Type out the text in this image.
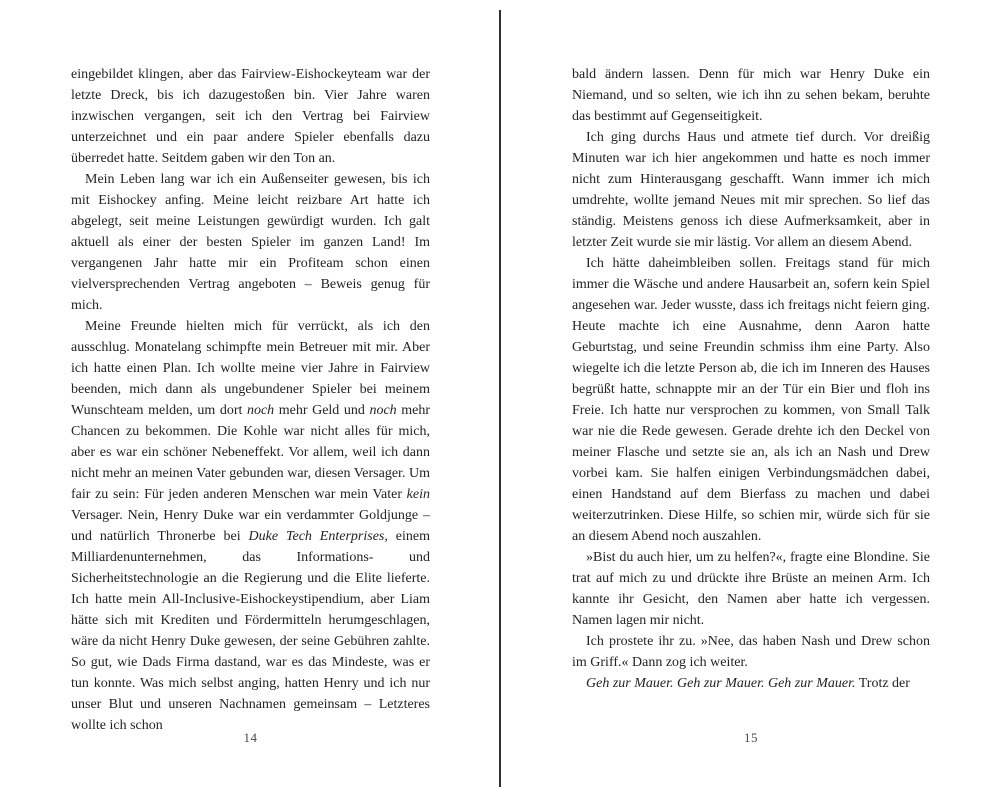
eingebildet klingen, aber das Fairview-Eishockeyteam war der letzte Dreck, bis ich dazugestoßen bin. Vier Jahre waren inzwischen vergangen, seit ich den Vertrag bei Fairview unterzeichnet und ein paar andere Spieler ebenfalls dazu überredet hatte. Seitdem gaben wir den Ton an.

Mein Leben lang war ich ein Außenseiter gewesen, bis ich mit Eishockey anfing. Meine leicht reizbare Art hatte ich abgelegt, seit meine Leistungen gewürdigt wurden. Ich galt aktuell als einer der besten Spieler im ganzen Land! Im vergangenen Jahr hatte mir ein Profiteam schon einen vielversprechenden Vertrag angeboten – Beweis genug für mich.

Meine Freunde hielten mich für verrückt, als ich den ausschlug. Monatelang schimpfte mein Betreuer mit mir. Aber ich hatte einen Plan. Ich wollte meine vier Jahre in Fairview beenden, mich dann als ungebundener Spieler bei meinem Wunschteam melden, um dort noch mehr Geld und noch mehr Chancen zu bekommen. Die Kohle war nicht alles für mich, aber es war ein schöner Nebeneffekt. Vor allem, weil ich dann nicht mehr an meinen Vater gebunden war, diesen Versager. Um fair zu sein: Für jeden anderen Menschen war mein Vater kein Versager. Nein, Henry Duke war ein verdammter Goldjunge – und natürlich Thronerbe bei Duke Tech Enterprises, einem Milliardenunternehmen, das Informations- und Sicherheitstechnologie an die Regierung und die Elite lieferte. Ich hatte mein All-Inclusive-Eishockeystipendium, aber Liam hätte sich mit Krediten und Fördermitteln herumgeschlagen, wäre da nicht Henry Duke gewesen, der seine Gebühren zahlte. So gut, wie Dads Firma dastand, war es das Mindeste, was er tun konnte. Was mich selbst anging, hatten Henry und ich nur unser Blut und unseren Nachnamen gemeinsam – Letzteres wollte ich schon

14

bald ändern lassen. Denn für mich war Henry Duke ein Niemand, und so selten, wie ich ihn zu sehen bekam, beruhte das bestimmt auf Gegenseitigkeit.

Ich ging durchs Haus und atmete tief durch. Vor dreißig Minuten war ich hier angekommen und hatte es noch immer nicht zum Hinterausgang geschafft. Wann immer ich mich umdrehte, wollte jemand Neues mit mir sprechen. So lief das ständig. Meistens genoss ich diese Aufmerksamkeit, aber in letzter Zeit wurde sie mir lästig. Vor allem an diesem Abend.

Ich hätte daheimbleiben sollen. Freitags stand für mich immer die Wäsche und andere Hausarbeit an, sofern kein Spiel angesehen war. Jeder wusste, dass ich freitags nicht feiern ging. Heute machte ich eine Ausnahme, denn Aaron hatte Geburtstag, und seine Freundin schmiss ihm eine Party. Also wiegelte ich die letzte Person ab, die ich im Inneren des Hauses begrüßt hatte, schnappte mir an der Tür ein Bier und floh ins Freie. Ich hatte nur versprochen zu kommen, von Small Talk war nie die Rede gewesen. Gerade drehte ich den Deckel von meiner Flasche und setzte sie an, als ich an Nash und Drew vorbei kam. Sie halfen einigen Verbindungsmädchen dabei, einen Handstand auf dem Bierfass zu machen und dabei weiterzutrinken. Diese Hilfe, so schien mir, würde sich für sie an diesem Abend noch auszahlen.

»Bist du auch hier, um zu helfen?«, fragte eine Blondine. Sie trat auf mich zu und drückte ihre Brüste an meinen Arm. Ich kannte ihr Gesicht, den Namen aber hatte ich vergessen. Namen lagen mir nicht.

Ich prostete ihr zu. »Nee, das haben Nash und Drew schon im Griff.« Dann zog ich weiter.

Geh zur Mauer. Geh zur Mauer. Geh zur Mauer. Trotz der

15
